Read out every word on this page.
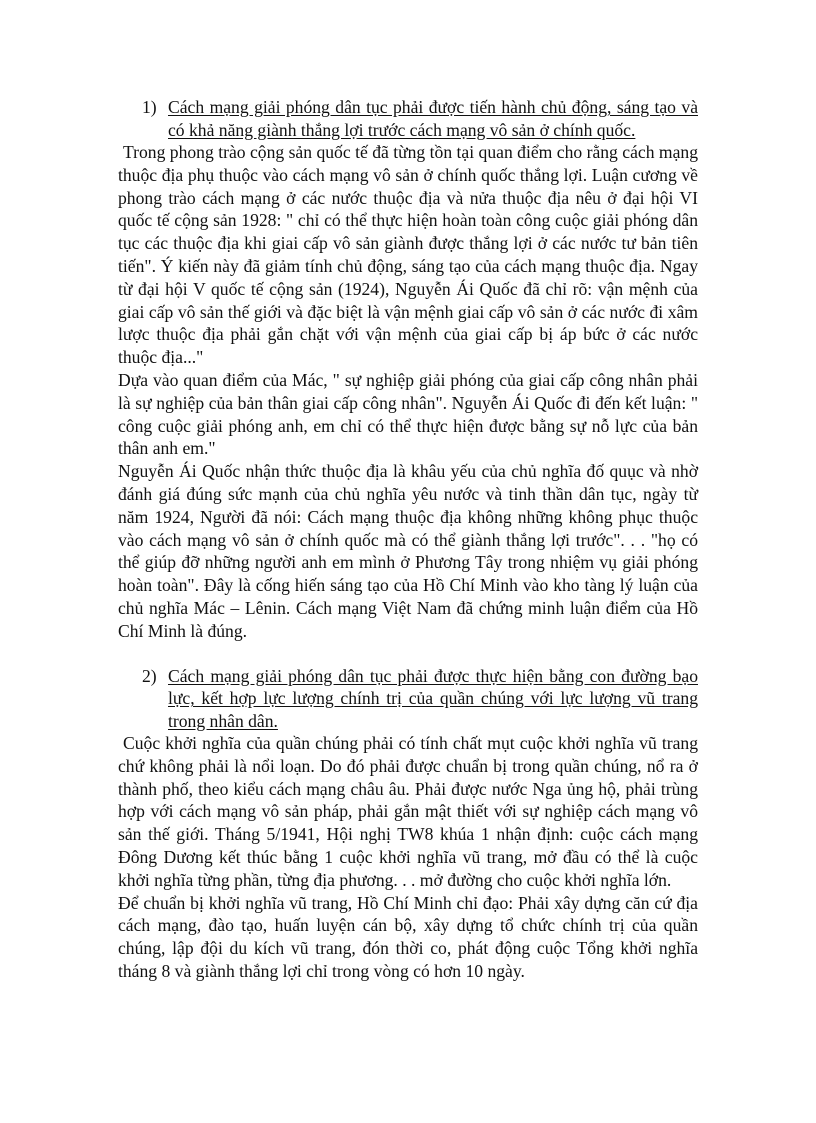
1) Cách mạng giải phóng dân tục phải được tiến hành chủ động, sáng tạo và có khả năng giành thắng lợi trước cách mạng vô sản ở chính quốc.

Trong phong trào cộng sản quốc tế đã từng tồn tại quan điểm cho rằng cách mạng thuộc địa phụ thuộc vào cách mạng vô sản ở chính quốc thắng lợi. Luận cương về phong trào cách mạng ở các nước thuộc địa và nửa thuộc địa nêu ở đại hội VI quốc tế cộng sản 1928: " chỉ có thể thực hiện hoàn toàn công cuộc giải phóng dân tục các thuộc địa khi giai cấp vô sản giành được thắng lợi ở các nước tư bản tiên tiến". Ý kiến này đã giảm tính chủ động, sáng tạo của cách mạng thuộc địa. Ngay từ đại hội V quốc tế cộng sản (1924), Nguyễn Ái Quốc đã chỉ rõ: vận mệnh của giai cấp vô sản thế giới và đặc biệt là vận mệnh giai cấp vô sản ở các nước đi xâm lược thuộc địa phải gắn chặt với vận mệnh của giai cấp bị áp bức ở các nước thuộc địa..."

Dựa vào quan điểm của Mác, " sự nghiệp giải phóng của giai cấp công nhân phải là sự nghiệp của bản thân giai cấp công nhân". Nguyễn Ái Quốc đi đến kết luận: " công cuộc giải phóng anh, em chỉ có thể thực hiện được bằng sự nỗ lực của bản thân anh em."

Nguyễn Ái Quốc nhận thức thuộc địa là khâu yếu của chủ nghĩa đố quục và nhờ đánh giá đúng sức mạnh của chủ nghĩa yêu nước và tinh thần dân tục, ngày từ năm 1924, Người đã nói: Cách mạng thuộc địa không những không phục thuộc vào cách mạng vô sản ở chính quốc mà có thể giành thắng lợi trước". . . "họ có thể giúp đỡ những người anh em mình ở Phương Tây trong nhiệm vụ giải phóng hoàn toàn". Đây là cống hiến sáng tạo của Hồ Chí Minh vào kho tàng lý luận của chủ nghĩa Mác – Lênin. Cách mạng Việt Nam đã chứng minh luận điểm của Hồ Chí Minh là đúng.

2) Cách mạng giải phóng dân tục phải được thực hiện bằng con đường bạo lực, kết hợp lực lượng chính trị của quần chúng với lực lượng vũ trang trong nhân dân.

Cuộc khởi nghĩa của quần chúng phải có tính chất mụt cuộc khởi nghĩa vũ trang chứ không phải là nổi loạn. Do đó phải được chuẩn bị trong quần chúng, nổ ra ở thành phố, theo kiểu cách mạng châu âu. Phải được nước Nga ủng hộ, phải trùng hợp với cách mạng vô sản pháp, phải gắn mật thiết với sự nghiệp cách mạng vô sản thế giới. Tháng 5/1941, Hội nghị TW8 khúa 1 nhận định: cuộc cách mạng Đông Dương kết thúc bằng 1 cuộc khởi nghĩa vũ trang, mở đầu có thể là cuộc khởi nghĩa từng phần, từng địa phương. . . mở đường cho cuộc khởi nghĩa lớn.

Để chuẩn bị khởi nghĩa vũ trang, Hồ Chí Minh chỉ đạo: Phải xây dựng căn cứ địa cách mạng, đào tạo, huấn luyện cán bộ, xây dựng tổ chức chính trị của quần chúng, lập đội du kích vũ trang, đón thời co, phát động cuộc Tổng khởi nghĩa tháng 8 và giành thắng lợi chỉ trong vòng có hơn 10 ngày.
